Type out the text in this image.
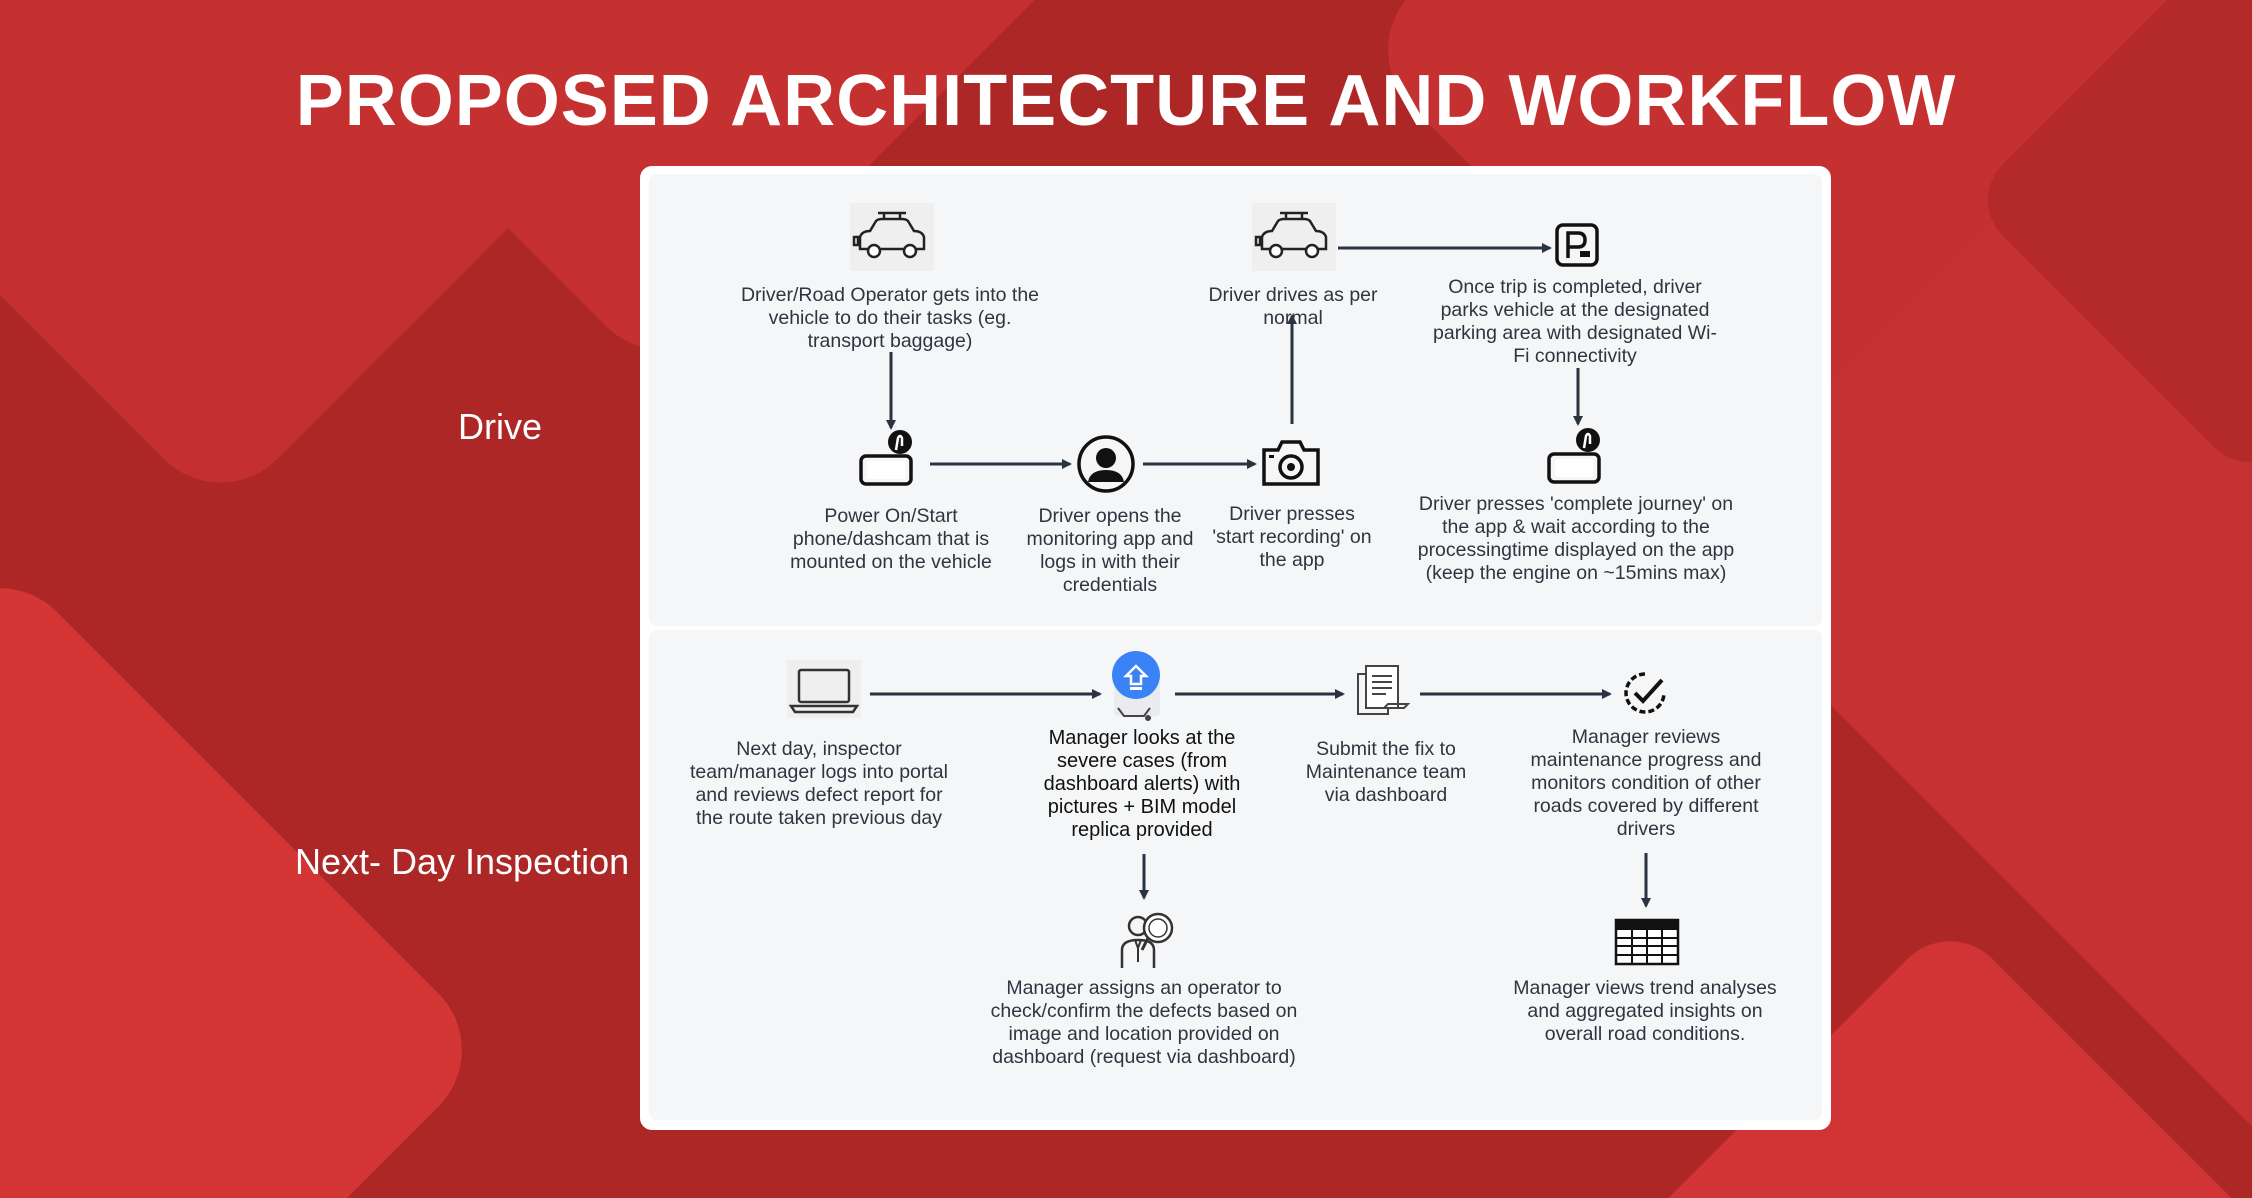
PROPOSED ARCHITECTURE AND WORKFLOW
Drive
Next- Day Inspection
Driver/Road Operator gets into the vehicle to do their tasks (eg. transport baggage)
Power On/Start phone/dashcam that is mounted on the vehicle
Driver opens the monitoring app and logs in with their credentials
Driver presses 'start recording' on the app
Driver drives as per normal
Once trip is completed, driver parks vehicle at the designated parking area with designated Wi-Fi connectivity
Driver presses 'complete journey' on the app & wait according to the processingtime displayed on the app (keep the engine on ~15mins max)
Next day, inspector team/manager logs into portal and reviews defect report for the route taken previous day
Manager looks at the severe cases (from dashboard alerts) with pictures + BIM model replica provided
Manager assigns an operator to check/confirm the defects based on image and location provided on dashboard (request via dashboard)
Submit the fix to Maintenance team via dashboard
Manager reviews maintenance progress and monitors condition of other roads covered by different drivers
Manager views trend analyses and aggregated insights on overall road conditions.
